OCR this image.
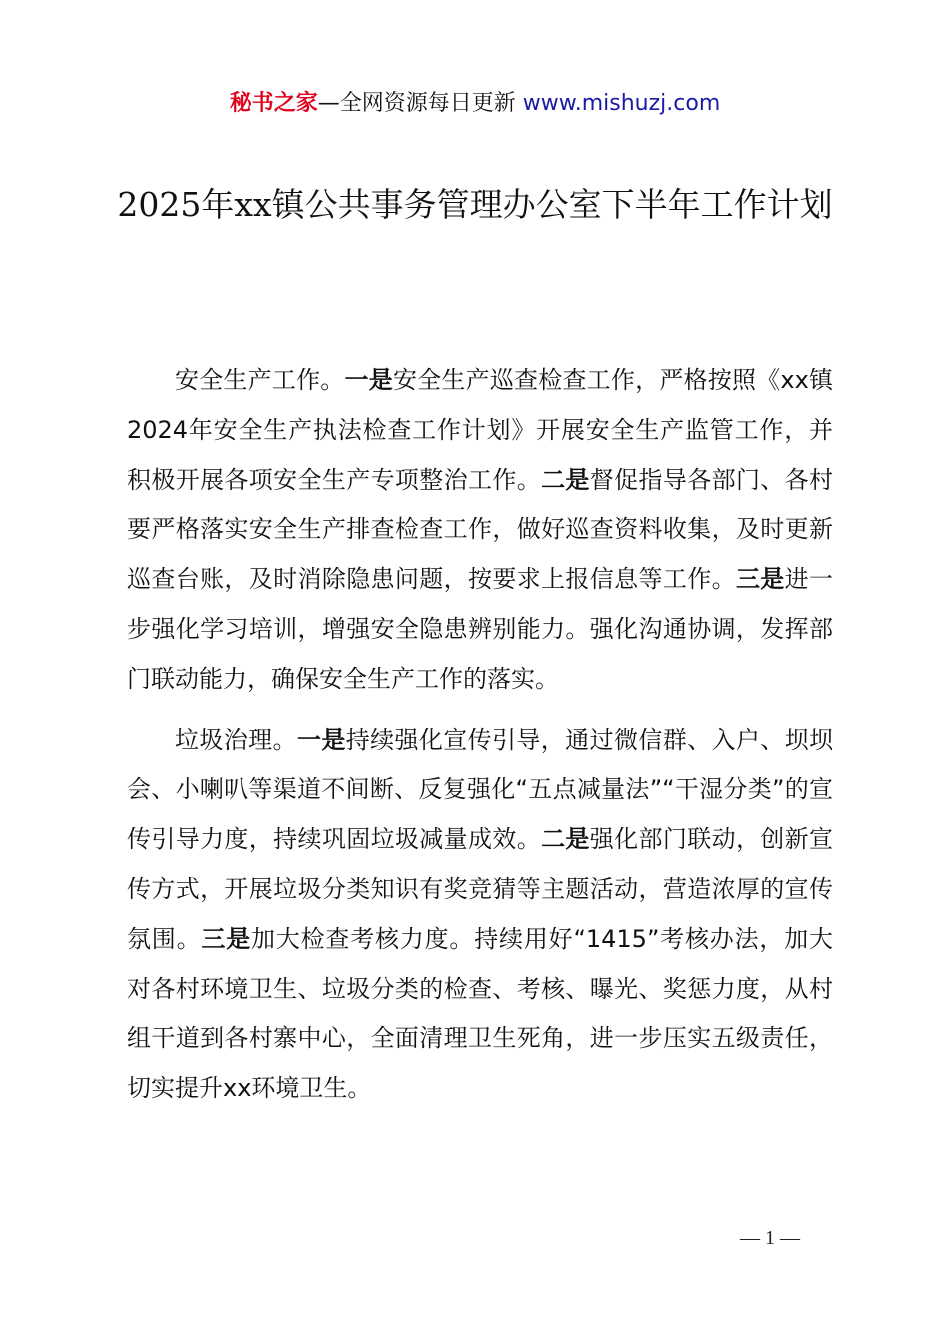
秘书之家—全网资源每日更新 www.mishuzj.com
2025年xx镇公共事务管理办公室下半年工作计划

安全生产工作。一是安全生产巡查检查工作，严格按照《xx镇2024年安全生产执法检查工作计划》开展安全生产监管工作，并积极开展各项安全生产专项整治工作。二是督促指导各部门、各村要严格落实安全生产排查检查工作，做好巡查资料收集，及时更新巡查台账，及时消除隐患问题，按要求上报信息等工作。三是进一步强化学习培训，增强安全隐患辨别能力。强化沟通协调，发挥部门联动能力，确保安全生产工作的落实。

垃圾治理。一是持续强化宣传引导，通过微信群、入户、坝坝会、小喇叭等渠道不间断、反复强化“五点减量法”“干湿分类”的宣传引导力度，持续巩固垃圾减量成效。二是强化部门联动，创新宣传方式，开展垃圾分类知识有奖竞猜等主题活动，营造浓厚的宣传氛围。三是加大检查考核力度。持续用好“1415”考核办法，加大对各村环境卫生、垃圾分类的检查、考核、曝光、奖惩力度，从村组干道到各村寨中心，全面清理卫生死角，进一步压实五级责任，切实提升xx环境卫生。

— 1 —
